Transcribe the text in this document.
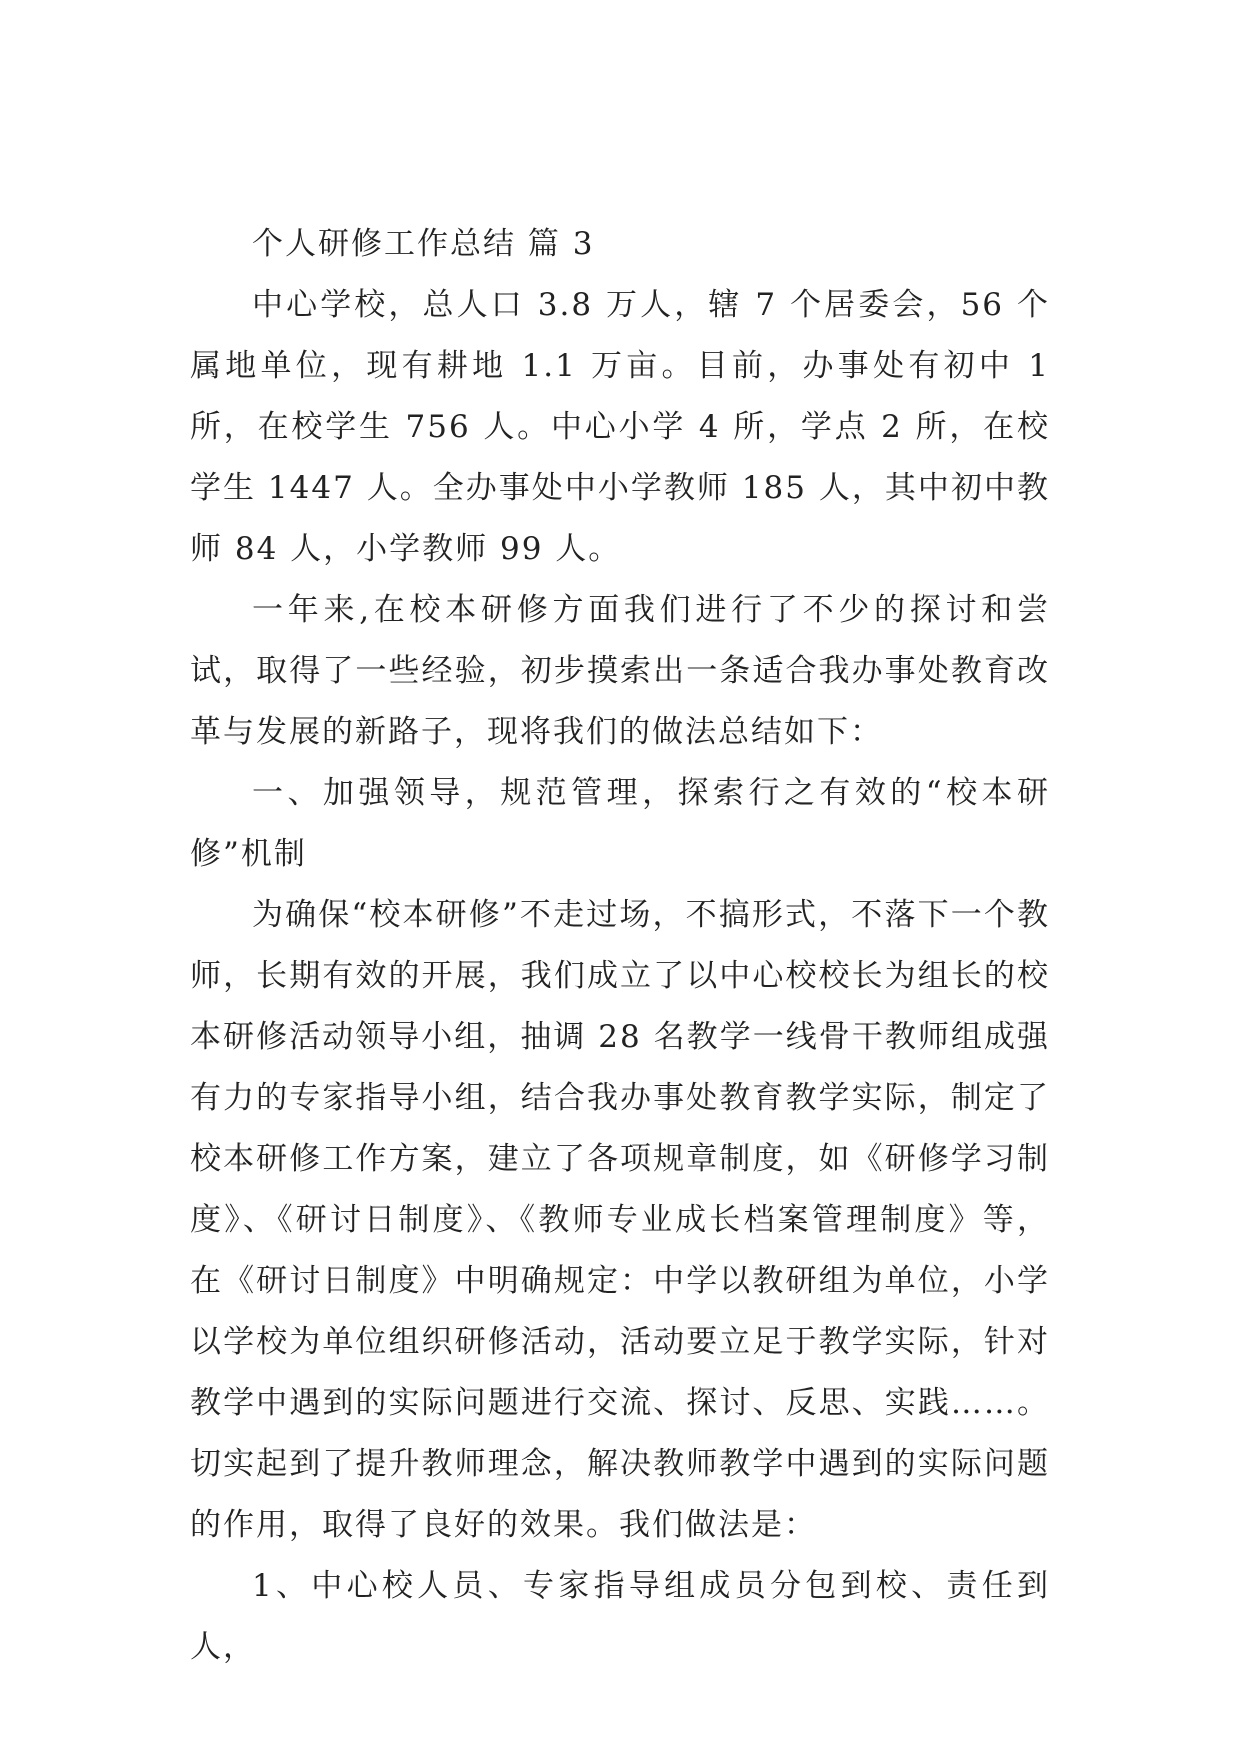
个人研修工作总结 篇 3

中心学校，总人口 3.8 万人，辖 7 个居委会，56 个属地单位，现有耕地 1.1 万亩。目前，办事处有初中 1 所，在校学生 756 人。中心小学 4 所，学点 2 所，在校学生 1447 人。全办事处中小学教师 185 人，其中初中教师 84 人，小学教师 99 人。

一年来,在校本研修方面我们进行了不少的探讨和尝试，取得了一些经验，初步摸索出一条适合我办事处教育改革与发展的新路子，现将我们的做法总结如下：

一、加强领导，规范管理，探索行之有效的“校本研修”机制

为确保“校本研修”不走过场，不搞形式，不落下一个教师，长期有效的开展，我们成立了以中心校校长为组长的校本研修活动领导小组，抽调 28 名教学一线骨干教师组成强有力的专家指导小组，结合我办事处教育教学实际，制定了校本研修工作方案，建立了各项规章制度，如《研修学习制度》、《研讨日制度》、《教师专业成长档案管理制度》等，在《研讨日制度》中明确规定：中学以教研组为单位，小学以学校为单位组织研修活动，活动要立足于教学实际，针对教学中遇到的实际问题进行交流、探讨、反思、实践……。切实起到了提升教师理念，解决教师教学中遇到的实际问题的作用，取得了良好的效果。我们做法是：

1、中心校人员、专家指导组成员分包到校、责任到人，
